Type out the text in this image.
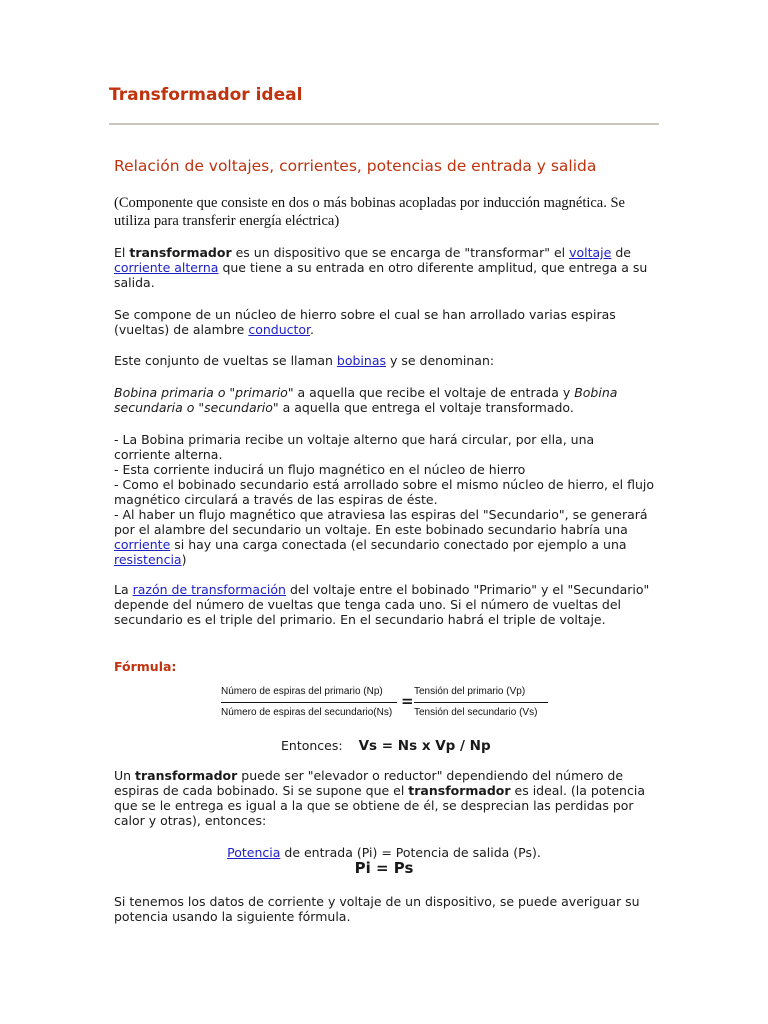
Transformador ideal
Relación de voltajes, corrientes, potencias de entrada y salida
(Componente que consiste en dos o más bobinas acopladas por inducción magnética. Se utiliza para transferir energía eléctrica)
El transformador es un dispositivo que se encarga de "transformar" el voltaje de corriente alterna que tiene a su entrada en otro diferente amplitud, que entrega a su salida.
Se compone de un núcleo de hierro sobre el cual se han arrollado varias espiras (vueltas) de alambre conductor.
Este conjunto de vueltas se llaman bobinas y se denominan:
Bobina primaria o "primario" a aquella que recibe el voltaje de entrada y Bobina secundaria o "secundario" a aquella que entrega el voltaje transformado.
- La Bobina primaria recibe un voltaje alterno que hará circular, por ella, una corriente alterna.
- Esta corriente inducirá un flujo magnético en el núcleo de hierro
- Como el bobinado secundario está arrollado sobre el mismo núcleo de hierro, el flujo magnético circulará a través de las espiras de éste.
- Al haber un flujo magnético que atraviesa las espiras del "Secundario", se generará por el alambre del secundario un voltaje. En este bobinado secundario habría una corriente si hay una carga conectada (el secundario conectado por ejemplo a una resistencia)
La razón de transformación del voltaje entre el bobinado "Primario" y el "Secundario" depende del número de vueltas que tenga cada uno. Si el número de vueltas del secundario es el triple del primario. En el secundario habrá el triple de voltaje.
Fórmula:
Número de espiras del primario (Np)
Número de espiras del secundario(Ns)
=
Tensión del primario (Vp)
Tensión del secundario (Vs)
Entonces: Vs = Ns x Vp / Np
Un transformador puede ser "elevador o reductor" dependiendo del número de espiras de cada bobinado. Si se supone que el transformador es ideal. (la potencia que se le entrega es igual a la que se obtiene de él, se desprecian las perdidas por calor y otras), entonces:
Potencia de entrada (Pi) = Potencia de salida (Ps).
Pi = Ps
Si tenemos los datos de corriente y voltaje de un dispositivo, se puede averiguar su potencia usando la siguiente fórmula.
